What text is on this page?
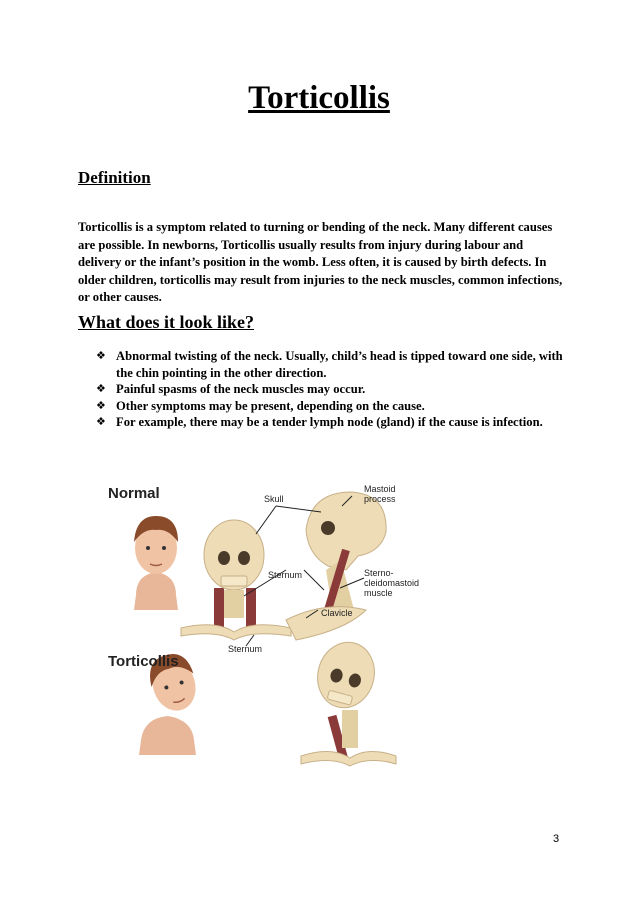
Torticollis
Definition

Torticollis is a symptom related to turning or bending of the neck. Many different causes are possible. In newborns, Torticollis usually results from injury during labour and delivery or the infant’s position in the womb. Less often, it is caused by birth defects. In older children, torticollis may result from injuries to the neck muscles, common infections, or other causes.

What does it look like?
❖ Abnormal twisting of the neck. Usually, child’s head is tipped toward one side, with the chin pointing in the other direction.
❖ Painful spasms of the neck muscles may occur.
❖ Other symptoms may be present, depending on the cause.
❖ For example, there may be a tender lymph node (gland) if the cause is infection.
Normal
Torticollis
Skull
Mastoid
process
Sternum	Sterno-
cleidomastoid
muscle
Clavicle
Sternum
3
